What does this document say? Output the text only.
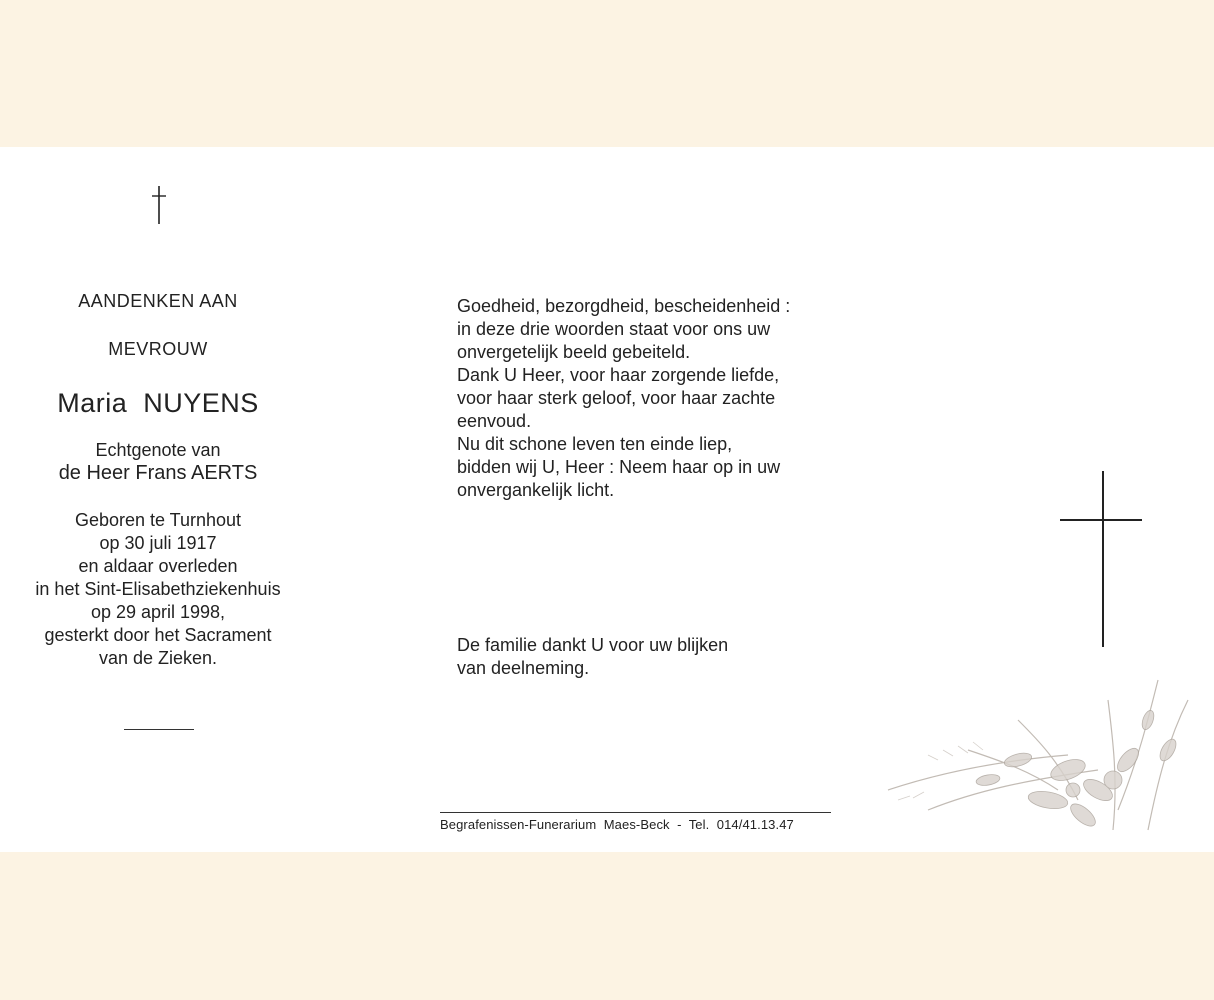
AANDENKEN AAN
MEVROUW
Maria  NUYENS
Echtgenote van
de Heer Frans AERTS
Geboren te Turnhout
op 30 juli 1917
en aldaar overleden
in het Sint-Elisabethziekenhuis
op 29 april 1998,
gesterkt door het Sacrament
van de Zieken.
Goedheid, bezorgdheid, bescheidenheid :
in deze drie woorden staat voor ons uw
onvergetelijk beeld gebeiteld.
Dank U Heer, voor haar zorgende liefde,
voor haar sterk geloof, voor haar zachte
eenvoud.
Nu dit schone leven ten einde liep,
bidden wij U, Heer : Neem haar op in uw
onvergankelijk licht.
De familie dankt U voor uw blijken
van deelneming.
Begrafenissen-Funerarium  Maes-Beck  -  Tel.  014/41.13.47
